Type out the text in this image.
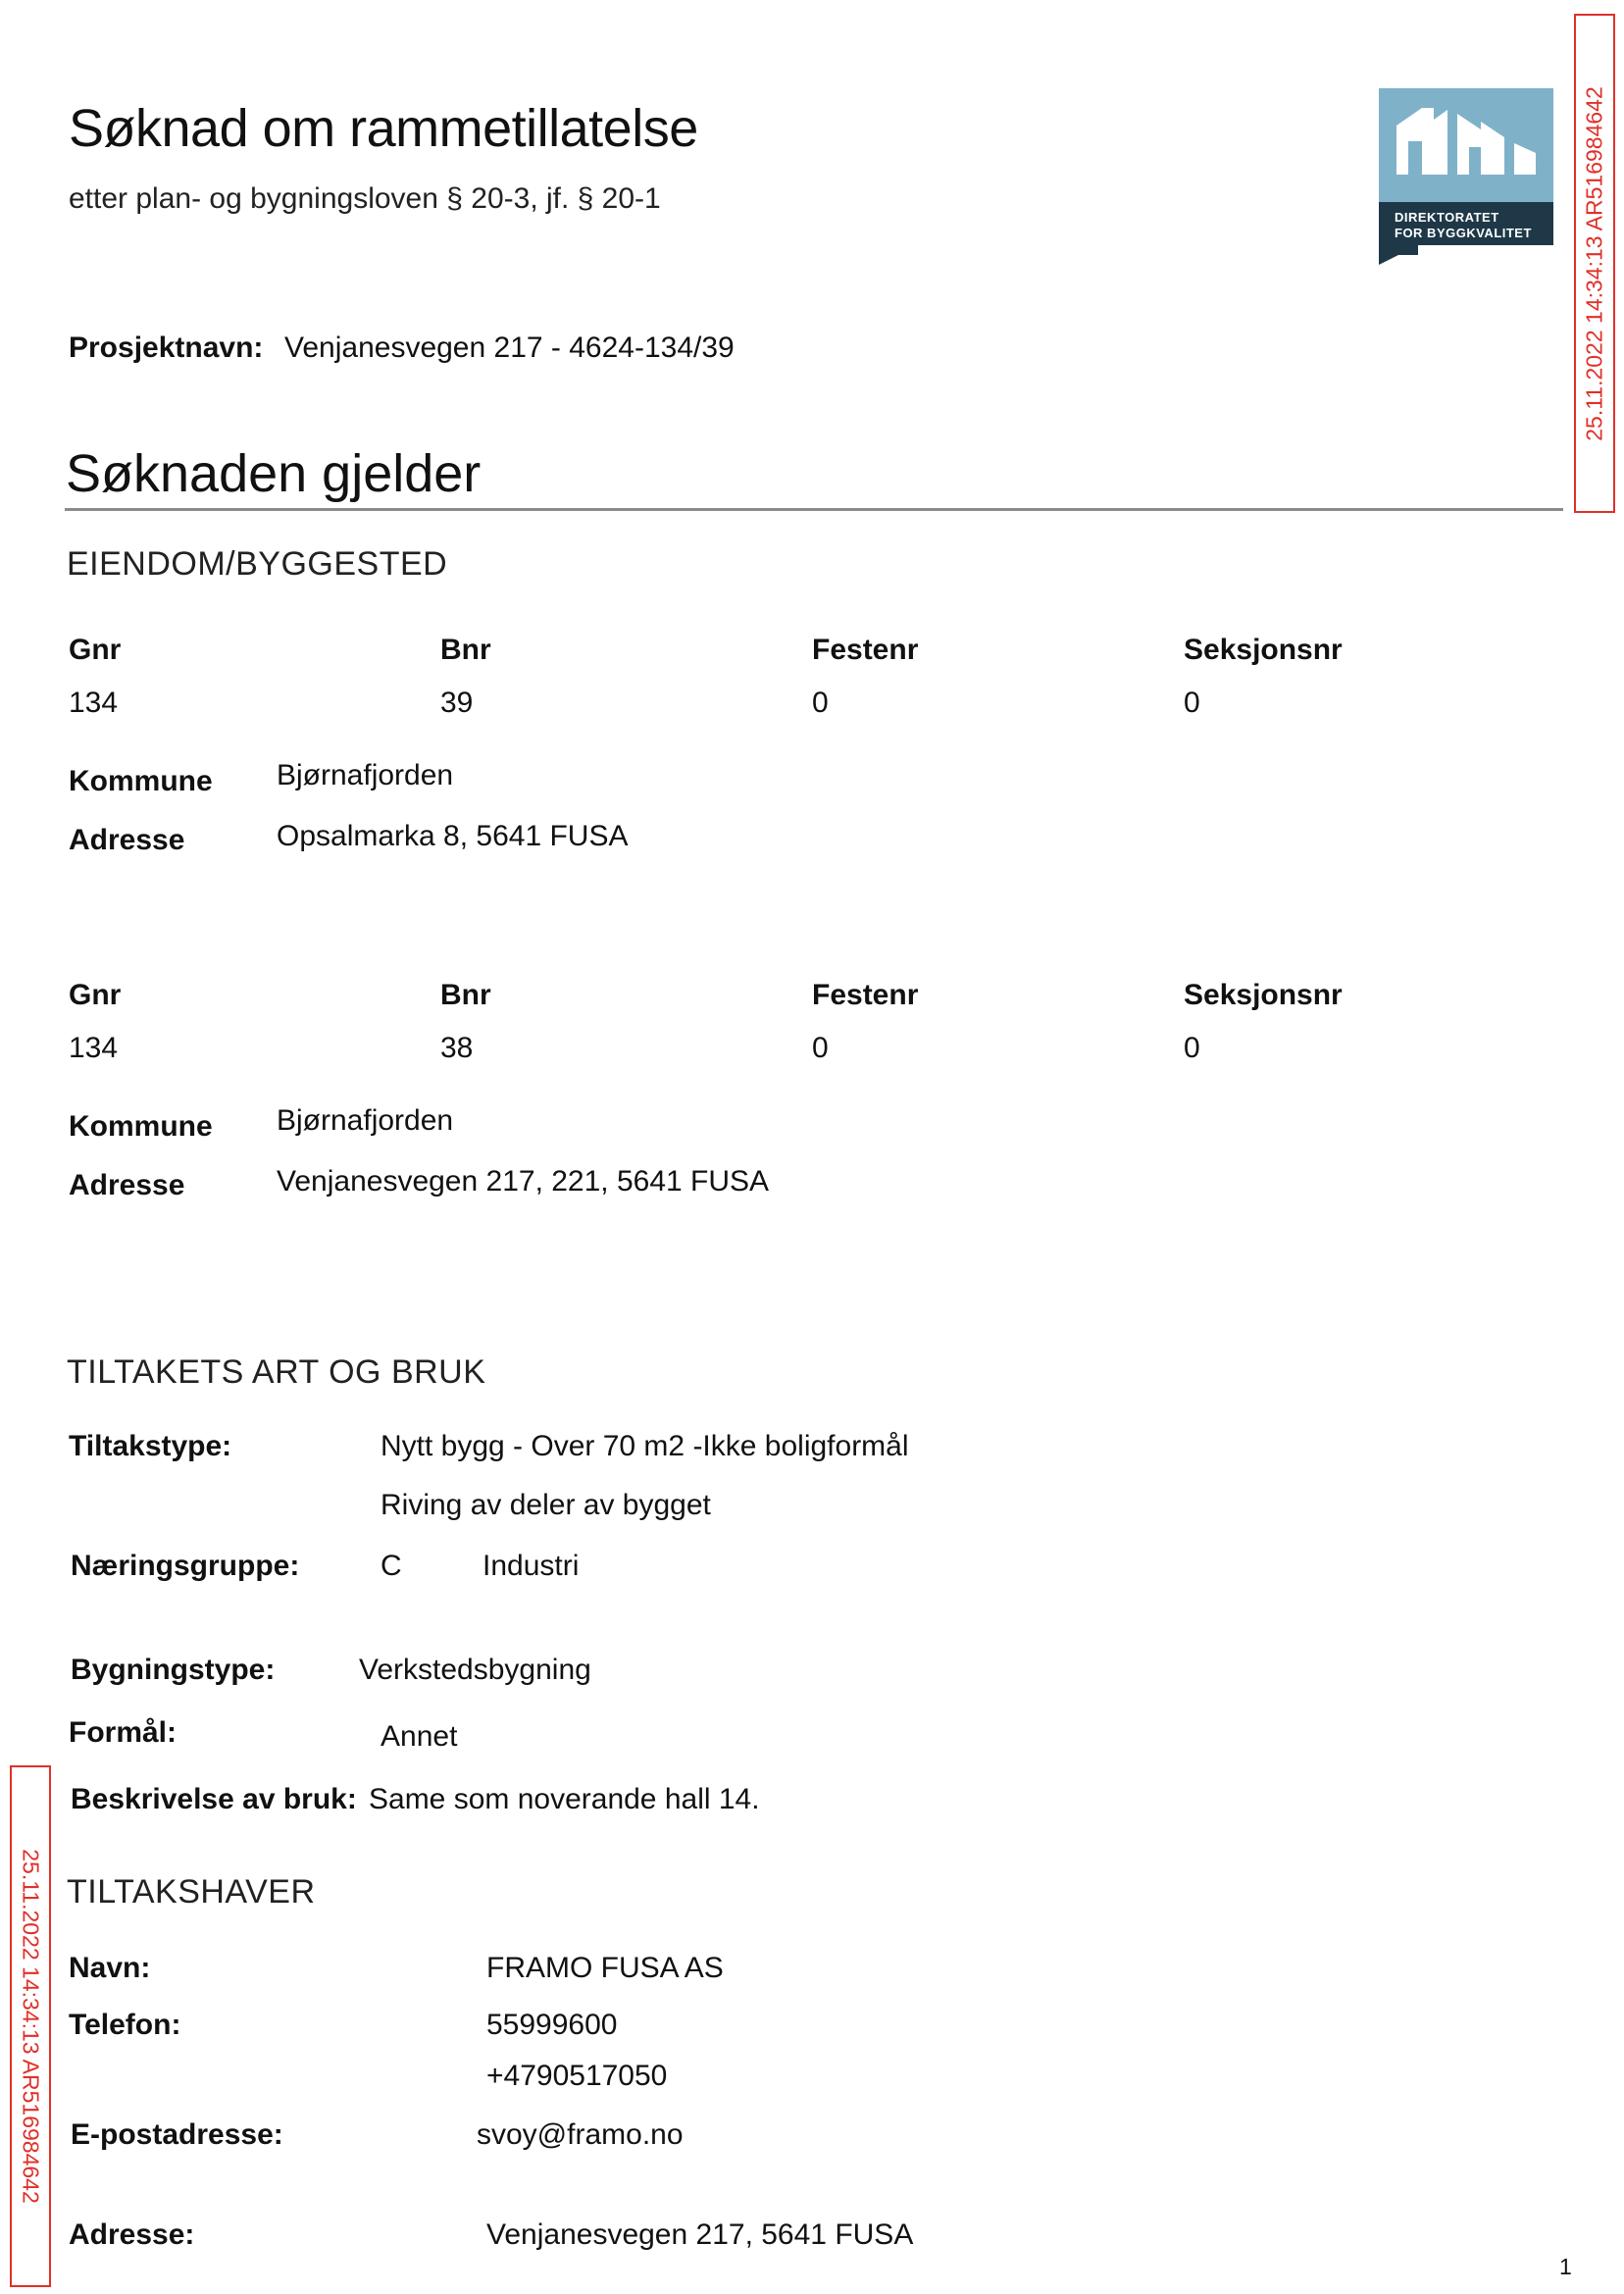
Søknad om rammetillatelse
etter plan- og bygningsloven § 20-3, jf. § 20-1
DIREKTORATET
FOR BYGGKVALITET 25.11.2022 14:34:13 AR516984642
25.11.2022 14:34:13 AR516984642
Prosjektnavn: Venjanesvegen 217 - 4624-134/39
Søknaden gjelder
EIENDOM/BYGGESTED
Gnr	Bnr	Festenr	Seksjonsnr
134	39	0	0
Kommune Bjørnafjorden
Adresse	Opsalmarka 8, 5641 FUSA
Gnr	Bnr	Festenr	Seksjonsnr
134	38	0	0
Kommune Bjørnafjorden
Adresse	Venjanesvegen 217, 221, 5641 FUSA
TILTAKETS ART OG BRUK
Tiltakstype:	Nytt bygg - Over 70 m2 -Ikke boligformål
Riving av deler av bygget
Næringsgruppe:	C	Industri
Bygningstype:	Verkstedsbygning
Formål:	Annet
Beskrivelse av bruk: Same som noverande hall 14.
TILTAKSHAVER
Navn:	FRAMO FUSA AS
Telefon:	55999600
+4790517050
E-postadresse:	svoy@framo.no
Adresse:	Venjanesvegen 217, 5641 FUSA
1
